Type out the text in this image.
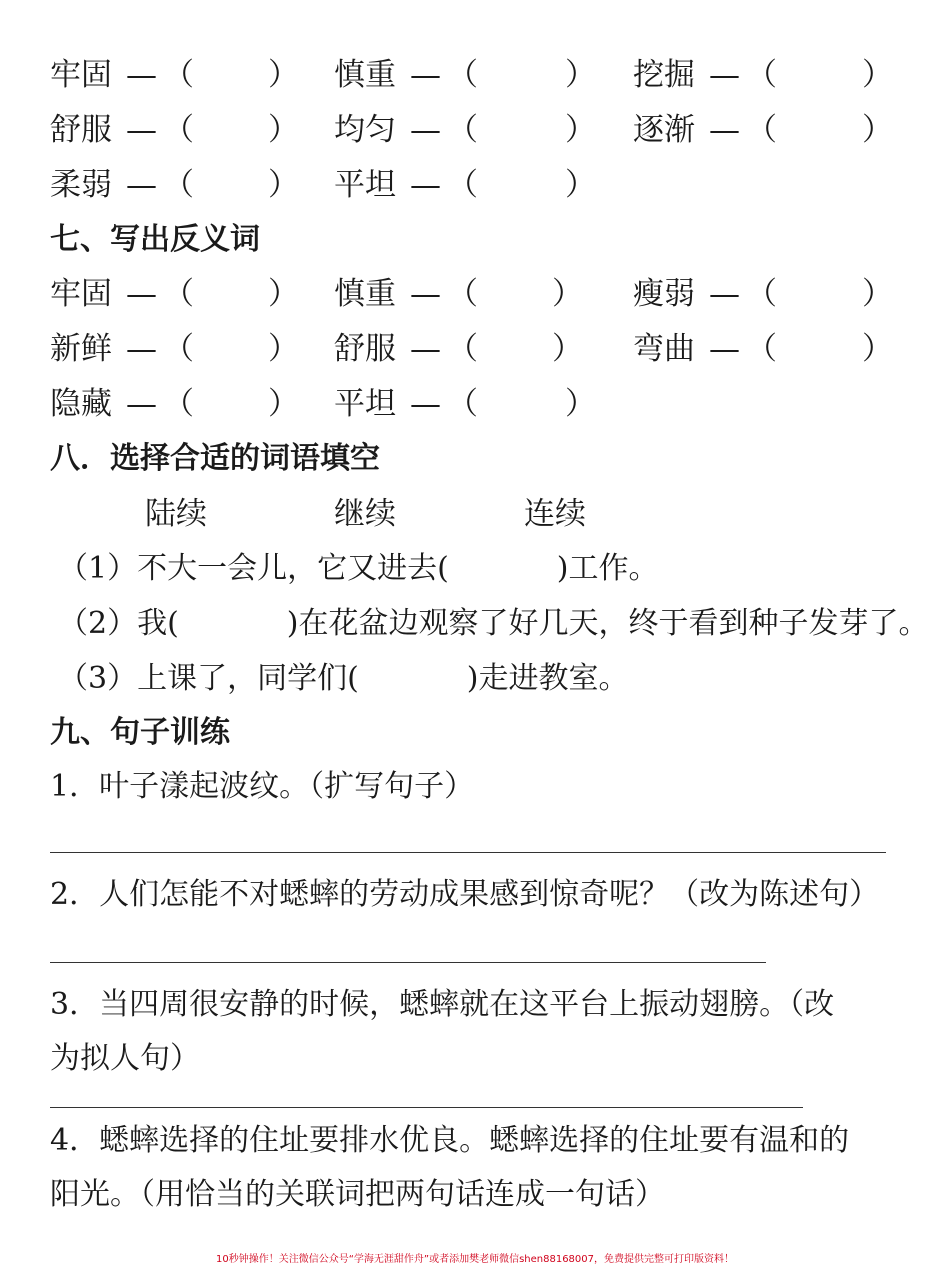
牢固 — （ ） 慎重 — （	） 挖掘 — （	）
舒服 — （ ） 均匀 — （	） 逐渐 — （	）
柔弱 — （ ） 平坦 — （	）
七、写出反义词
牢固 — （ ） 慎重 — （ ） 瘦弱 — （	）
新鲜 — （ ） 舒服 — （ ） 弯曲 — （	）
隐藏 — （ ） 平坦 — （	）
八．选择合适的词语填空
陆续	继续	连续
（1）不大一会儿，它又进去(	)工作。
（2）我(	)在花盆边观察了好几天，终于看到种子发芽了。
（3）上课了，同学们(	)走进教室。
九、句子训练
1．叶子漾起波纹。（扩写句子）
2．人们怎能不对蟋蟀的劳动成果感到惊奇呢？（改为陈述句）
3．当四周很安静的时候，蟋蟀就在这平台上振动翅膀。（改
为拟人句）
4．蟋蟀选择的住址要排水优良。蟋蟀选择的住址要有温和的
阳光。（用恰当的关联词把两句话连成一句话）
10秒钟操作！关注微信公众号“学海无涯甜作舟”或者添加樊老师微信shen88168007，免费提供完整可打印版资料！
